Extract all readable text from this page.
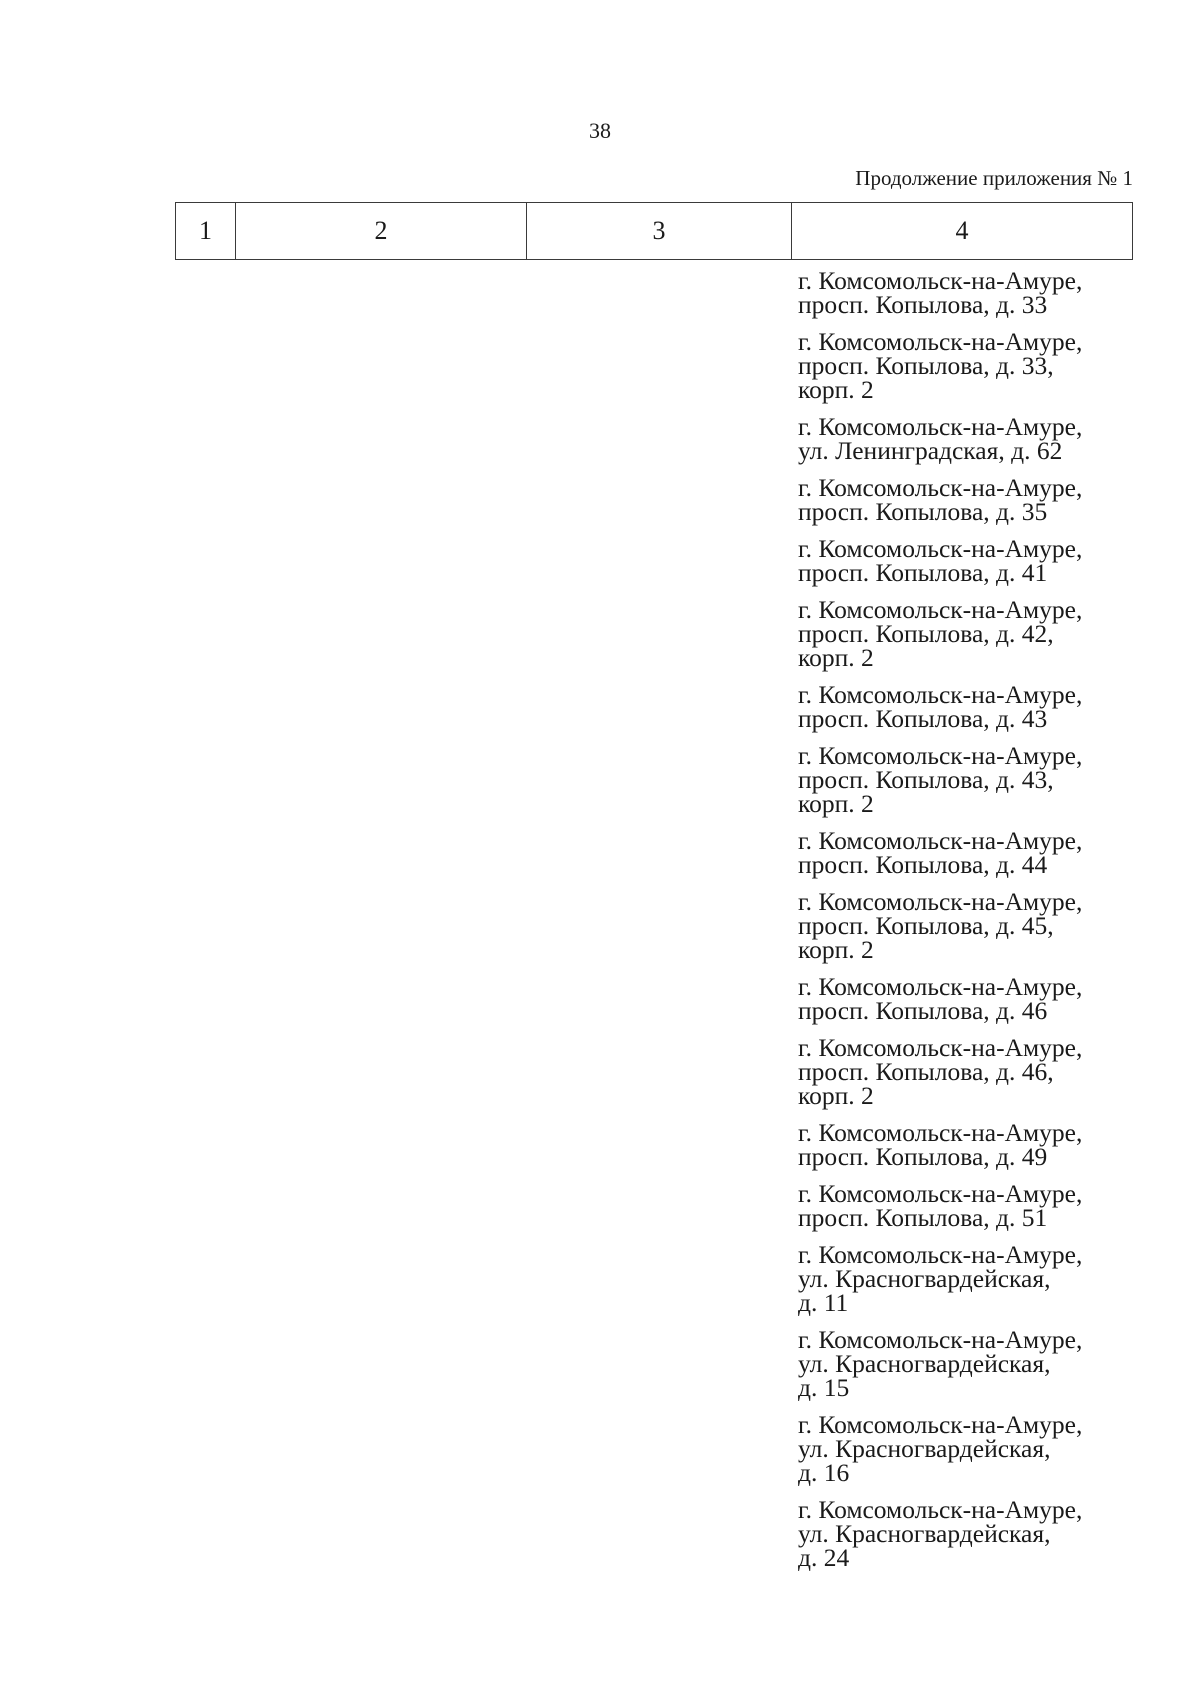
38
Продолжение приложения № 1
1	2	3	4
г. Комсомольск-на-Амуре,
просп. Копылова, д. 33
г. Комсомольск-на-Амуре,
просп. Копылова, д. 33,
корп. 2
г. Комсомольск-на-Амуре,
ул. Ленинградская, д. 62
г. Комсомольск-на-Амуре,
просп. Копылова, д. 35
г. Комсомольск-на-Амуре,
просп. Копылова, д. 41
г. Комсомольск-на-Амуре,
просп. Копылова, д. 42,
корп. 2
г. Комсомольск-на-Амуре,
просп. Копылова, д. 43
г. Комсомольск-на-Амуре,
просп. Копылова, д. 43,
корп. 2
г. Комсомольск-на-Амуре,
просп. Копылова, д. 44
г. Комсомольск-на-Амуре,
просп. Копылова, д. 45,
корп. 2
г. Комсомольск-на-Амуре,
просп. Копылова, д. 46
г. Комсомольск-на-Амуре,
просп. Копылова, д. 46,
корп. 2
г. Комсомольск-на-Амуре,
просп. Копылова, д. 49
г. Комсомольск-на-Амуре,
просп. Копылова, д. 51
г. Комсомольск-на-Амуре,
ул. Красногвардейская,
д. 11
г. Комсомольск-на-Амуре,
ул. Красногвардейская,
д. 15
г. Комсомольск-на-Амуре,
ул. Красногвардейская,
д. 16
г. Комсомольск-на-Амуре,
ул. Красногвардейская,
д. 24
